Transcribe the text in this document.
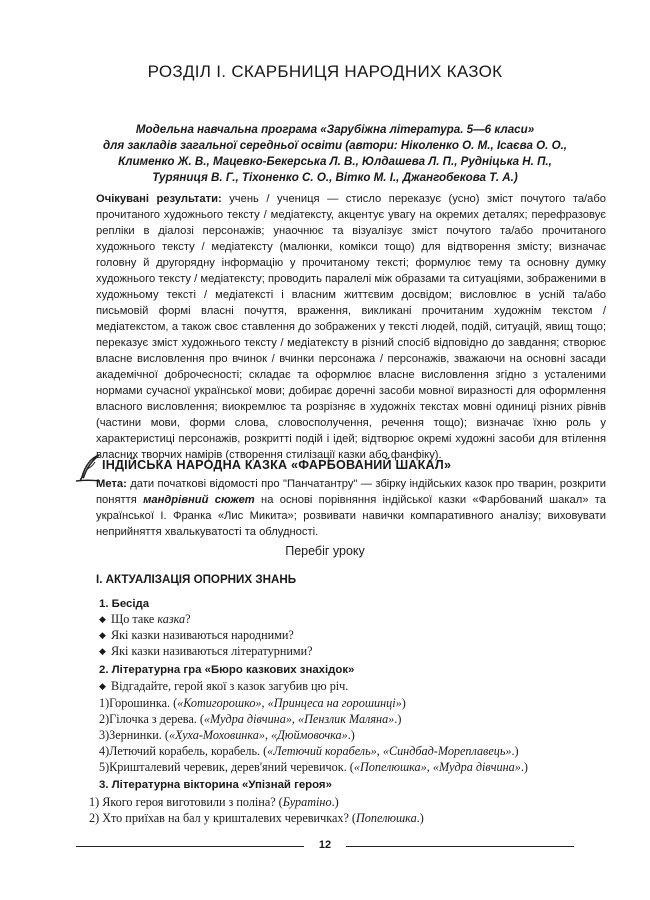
РОЗДІЛ І. СКАРБНИЦЯ НАРОДНИХ КАЗОК
Модельна навчальна програма «Зарубіжна література. 5—6 класи»
для закладів загальної середньої освіти (автори: Ніколенко О. М., Ісаєва О. О.,
Клименко Ж. В., Мацевко-Бекерська Л. В., Юлдашева Л. П., Рудніцька Н. П.,
Туряниця В. Г., Тіхоненко С. О., Вітко М. І., Джангобекова Т. А.)
Очікувані результати: учень / учениця — стисло переказує (усно) зміст почутого та/або прочитаного художнього тексту / медіатексту, акцентує увагу на окремих деталях; перефразовує репліки в діалозі персонажів; унаочнює та візуалізує зміст почутого та/або прочитаного художнього тексту / медіатексту (малюнки, комікси тощо) для відтворення змісту; визначає головну й другорядну інформацію у прочитаному тексті; формулює тему та основну думку художнього тексту / медіатексту; проводить паралелі між образами та ситуаціями, зображеними в художньому тексті / медіатексті і власним життєвим досвідом; висловлює в усній та/або письмовій формі власні почуття, враження, викликані прочитаним художнім текстом / медіатекстом, а також своє ставлення до зображених у тексті людей, подій, ситуацій, явищ тощо; переказує зміст художнього тексту / медіатексту в різний спосіб відповідно до завдання; створює власне висловлення про вчинок / вчинки персонажа / персонажів, зважаючи на основні засади академічної доброчесності; складає та оформлює власне висловлення згідно з усталеними нормами сучасної української мови; добирає доречні засоби мовної виразності для оформлення власного висловлення; виокремлює та розрізняє в художніх текстах мовні одиниці різних рівнів (частини мови, форми слова, словосполучення, речення тощо); визначає їхню роль у характеристиці персонажів, розкритті подій і ідей; відтворює окремі художні засоби для втілення власних творчих намірів (створення стилізації казки або фанфіку).
ІНДІЙСЬКА НАРОДНА КАЗКА «ФАРБОВАНИЙ ШАКАЛ»
Мета: дати початкові відомості про "Панчатантру" — збірку індійських казок про тварин, розкрити поняття мандрівний сюжет на основі порівняння індійської казки «Фарбований шакал» та української І. Франка «Лис Микита»; розвивати навички компаративного аналізу; виховувати неприйняття хвалькуватості та облудності.
Перебіг уроку
І. АКТУАЛІЗАЦІЯ ОПОРНИХ ЗНАНЬ
1. Бесіда
◆ Що таке казка?
◆ Які казки називаються народними?
◆ Які казки називаються літературними?
2. Літературна гра «Бюро казкових знахідок»
◆ Відгадайте, герой якої з казок загубив цю річ.
1)Горошинка. («Котигорошко», «Принцеса на горошинці»)
2)Гілочка з дерева. («Мудра дівчина», «Пензлик Маляна».)
3)Зернинки. («Хуха-Моховинка», «Дюймовочка».)
4)Летючий корабель, корабель. («Летючий корабель», «Синдбад-Мореплавець».)
5)Кришталевий черевик, дерев'яний черевичок. («Попелюшка», «Мудра дівчина».)
3. Літературна вікторина «Упізнай героя»
1) Якого героя виготовили з поліна? (Буратіно.)
2) Хто приїхав на бал у кришталевих черевичках? (Попелюшка.)
12
